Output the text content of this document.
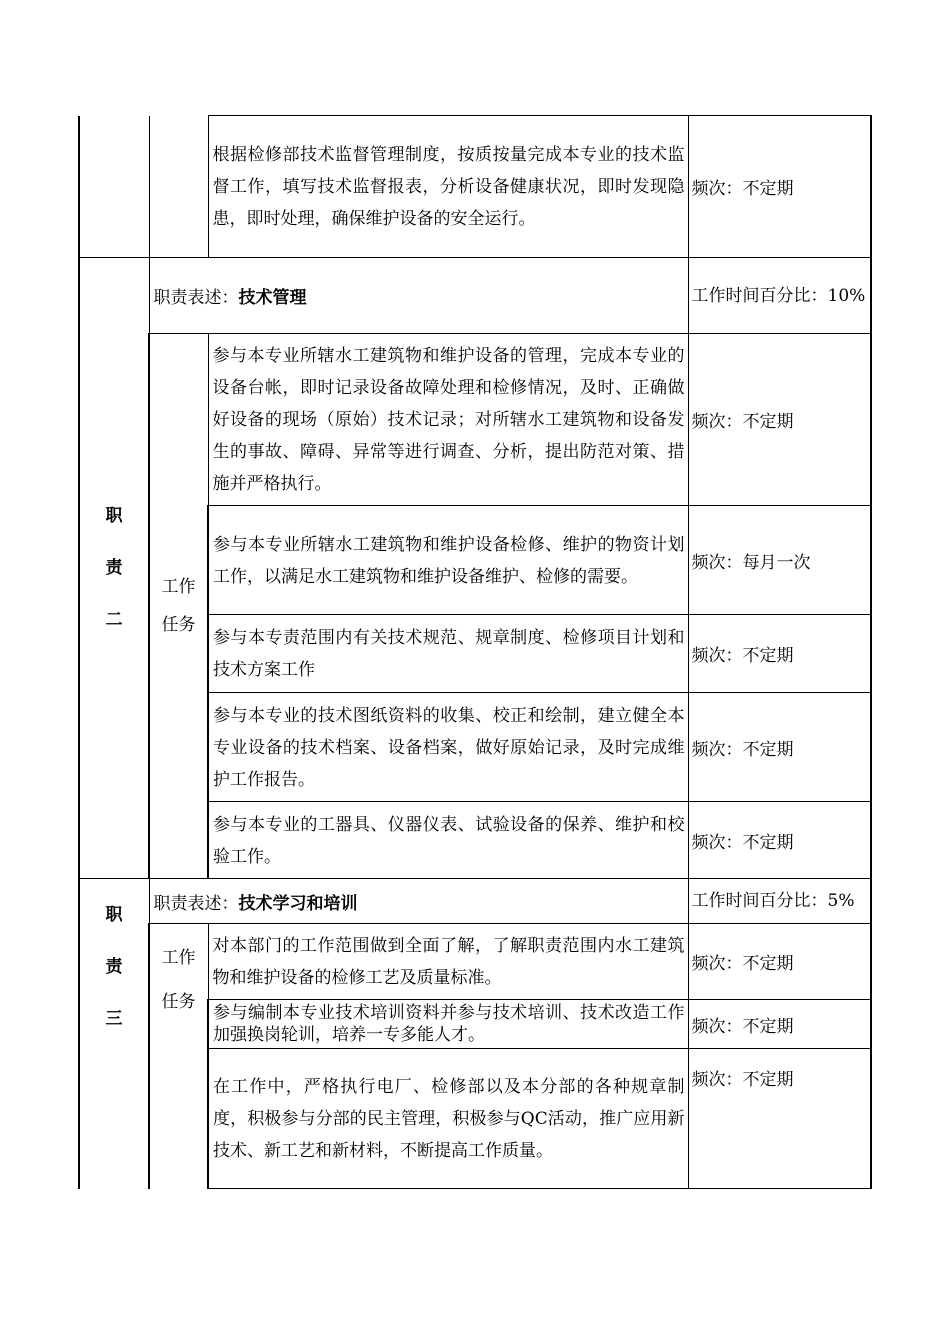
		根据检修部技术监督管理制度，按质按量完成本专业的技术监督工作，填写技术监督报表，分析设备健康状况，即时发现隐患，即时处理，确保维护设备的安全运行。	频次：不定期

职
责
二	职责表述：技术管理		工作时间百分比：10%

	工作
任务	参与本专业所辖水工建筑物和维护设备的管理，完成本专业的设备台帐，即时记录设备故障处理和检修情况，及时、正确做好设备的现场（原始）技术记录；对所辖水工建筑物和设备发生的事故、障碍、异常等进行调查、分析，提出防范对策、措施并严格执行。	频次：不定期
		参与本专业所辖水工建筑物和维护设备检修、维护的物资计划工作，以满足水工建筑物和维护设备维护、检修的需要。	频次：每月一次
		参与本专责范围内有关技术规范、规章制度、检修项目计划和技术方案工作	频次：不定期
		参与本专业的技术图纸资料的收集、校正和绘制，建立健全本专业设备的技术档案、设备档案，做好原始记录，及时完成维护工作报告。	频次：不定期
		参与本专业的工器具、仪器仪表、试验设备的保养、维护和校验工作。	频次：不定期

职
责
三	职责表述：技术学习和培训		工作时间百分比：5%

	工作
任务	对本部门的工作范围做到全面了解，了解职责范围内水工建筑物和维护设备的检修工艺及质量标准。	频次：不定期
		参与编制本专业技术培训资料并参与技术培训、技术改造工作加强换岗轮训，培养一专多能人才。	频次：不定期
		在工作中，严格执行电厂、检修部以及本分部的各种规章制度，积极参与分部的民主管理，积极参与QC活动，推广应用新技术、新工艺和新材料，不断提高工作质量。	频次：不定期
